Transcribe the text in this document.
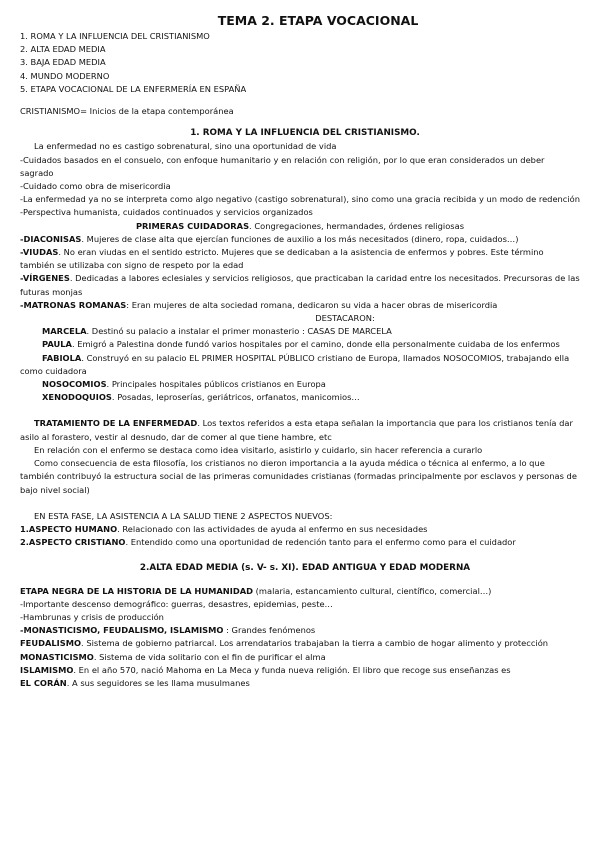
TEMA 2. ETAPA VOCACIONAL
1. ROMA Y LA INFLUENCIA DEL CRISTIANISMO
2. ALTA EDAD MEDIA
3. BAJA EDAD MEDIA
4. MUNDO MODERNO
5. ETAPA VOCACIONAL DE LA ENFERMERÍA EN ESPAÑA
CRISTIANISMO= Inicios de la etapa contemporánea
1. ROMA Y LA INFLUENCIA DEL CRISTIANISMO.
La enfermedad no es castigo sobrenatural, sino una oportunidad de vida
-Cuidados basados en el consuelo, con enfoque humanitario y en relación con religión, por lo que eran considerados un deber sagrado
-Cuidado como obra de misericordia
-La enfermedad ya no se interpreta como algo negativo (castigo sobrenatural), sino como una gracia recibida y un modo de redención
-Perspectiva humanista, cuidados continuados y servicios organizados
PRIMERAS CUIDADORAS. Congregaciones, hermandades, órdenes religiosas
-DIACONISAS. Mujeres de clase alta que ejercían funciones de auxilio a los más necesitados (dinero, ropa, cuidados…)
-VIUDAS. No eran viudas en el sentido estricto. Mujeres que se dedicaban a la asistencia de enfermos y pobres. Este término también se utilizaba con signo de respeto por la edad
-VÍRGENES. Dedicadas a labores eclesiales y servicios religiosos, que practicaban la caridad entre los necesitados. Precursoras de las futuras monjas
-MATRONAS ROMANAS: Eran mujeres de alta sociedad romana, dedicaron su vida a hacer obras de misericordia
DESTACARON:
MARCELA. Destinó su palacio a instalar el primer monasterio : CASAS DE MARCELA
PAULA. Emigró a Palestina donde fundó varios hospitales por el camino, donde ella personalmente cuidaba de los enfermos
FABIOLA. Construyó en su palacio EL PRIMER HOSPITAL PÚBLICO cristiano de Europa, llamados NOSOCOMIOS, trabajando ella como cuidadora
NOSOCOMIOS. Principales hospitales públicos cristianos en Europa
XENODOQUIOS. Posadas, leproserías, geriátricos, orfanatos, manicomios…
TRATAMIENTO DE LA ENFERMEDAD. Los textos referidos a esta etapa señalan la importancia que para los cristianos tenía dar asilo al forastero, vestir al desnudo, dar de comer al que tiene hambre, etc
En relación con el enfermo se destaca como idea visitarlo, asistirlo y cuidarlo, sin hacer referencia a curarlo
Como consecuencia de esta filosofía, los cristianos no dieron importancia a la ayuda médica o técnica al enfermo, a lo que también contribuyó la estructura social de las primeras comunidades cristianas (formadas principalmente por esclavos y personas de bajo nivel social)
EN ESTA FASE, LA ASISTENCIA A LA SALUD TIENE 2 ASPECTOS NUEVOS:
1.ASPECTO HUMANO. Relacionado con las actividades de ayuda al enfermo en sus necesidades
2.ASPECTO CRISTIANO. Entendido como una oportunidad de redención tanto para el enfermo como para el cuidador
2.ALTA EDAD MEDIA (s. V- s. XI). EDAD ANTIGUA Y EDAD MODERNA
ETAPA NEGRA DE LA HISTORIA DE LA HUMANIDAD (malaria, estancamiento cultural, científico, comercial…)
-Importante descenso demográfico: guerras, desastres, epidemias, peste…
-Hambrunas y crisis de producción
-MONASTICISMO, FEUDALISMO, ISLAMISMO : Grandes fenómenos
FEUDALISMO. Sistema de gobierno patriarcal. Los arrendatarios trabajaban la tierra a cambio de hogar alimento y protección
MONASTICISMO. Sistema de vida solitario con el fin de purificar el alma
ISLAMISMO. En el año 570, nació Mahoma en La Meca y funda nueva religión. El libro que recoge sus enseñanzas es
EL CORÁN. A sus seguidores se les llama musulmanes
